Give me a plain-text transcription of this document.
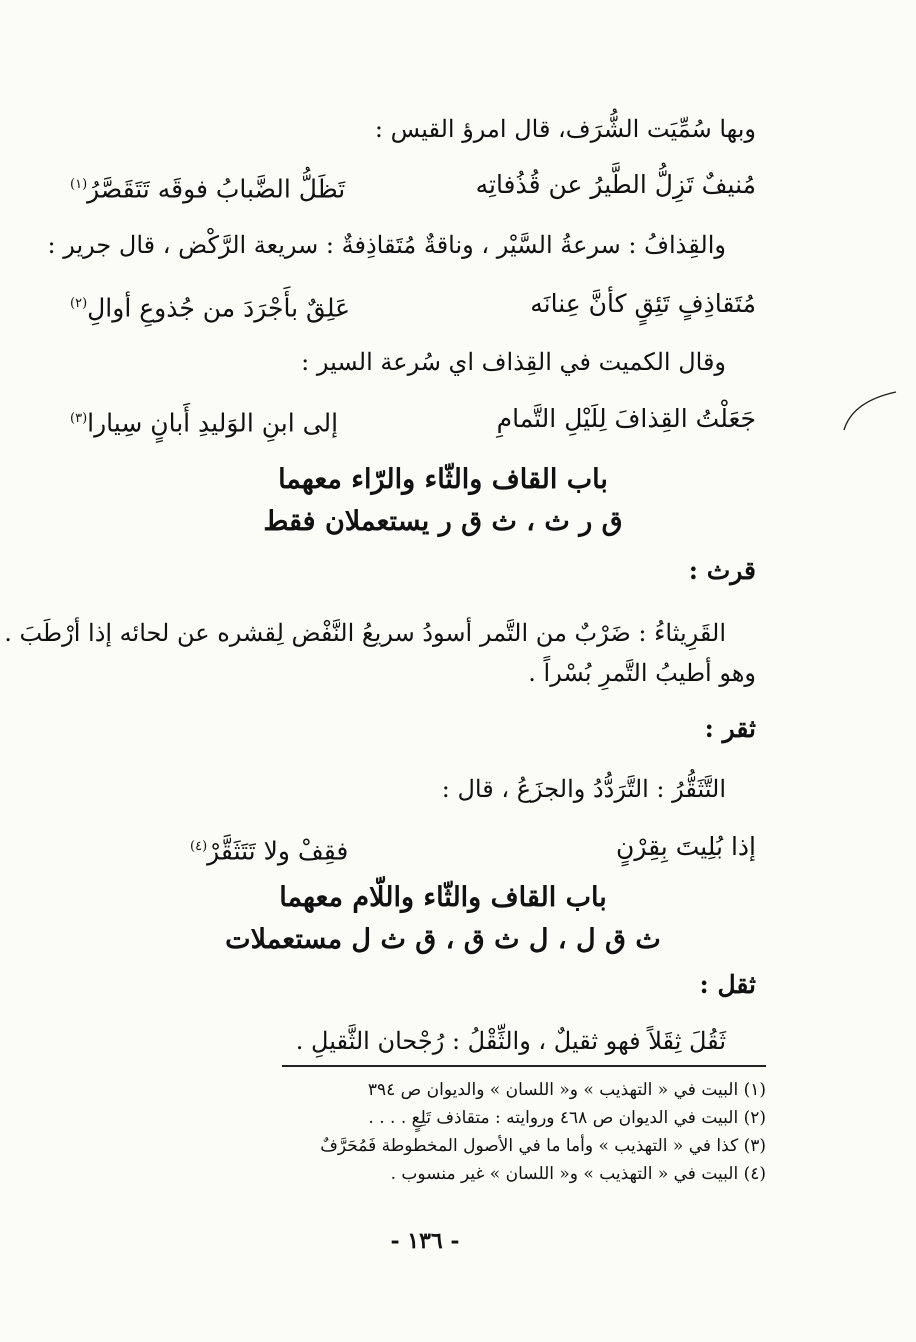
وبها سُمِّيَت الشُّرَف، قال امرؤ القيس :
مُنيفٌ تَزِلُّ الطَّيرُ عن قُذُفاتِه
تَظَلُّ الضَّبابُ فوقَه تَتَقَصَّرُ$^{(١)}$
والقِذافُ : سرعةُ السَّيْر ، وناقةٌ مُتَقاذِفةٌ : سريعة الرَّكْض ، قال جرير :
مُتَقاذِفٍ تَئِقٍ كأنَّ عِنانَه
عَلِقٌ بأَجْرَدَ من جُذوعِ أوالِ$^{(٢)}$
وقال الكميت في القِذاف اي سُرعة السير :
جَعَلْتُ القِذافَ لِلَيْلِ التَّمامِ
إلى ابنِ الوَليدِ أَبانٍ سِيارا$^{(٣)}$
باب القاف والثّاء والرّاء معهما
ق ر ث ، ث ق ر يستعملان فقط
قرث :
القَرِيثاءُ : ضَرْبٌ من التَّمر أسودُ سريعُ النَّفْض لِقشره عن لحائه إذا أرْطَبَ .
وهو أطيبُ التَّمرِ بُسْراً .
ثقر :
التَّثَقُّرُ : التَّرَدُّدُ والجزَعُ ، قال :
إذا بُلِيتَ بِقِرْنٍ
فقِفْ ولا تَتَثَقَّرْ$^{(٤)}$
باب القاف والثّاء واللّام معهما
ث ق ل ، ل ث ق ، ق ث ل مستعملات
ثقل :
ثَقُلَ ثِقَلاً فهو ثقيلٌ ، والثِّقْلُ : رُجْحان الثَّقيلِ .
(١) البيت في « التهذيب » و« اللسان » والديوان ص ٣٩٤
(٢) البيت في الديوان ص ٤٦٨ وروايته : متقاذف تَلِعٍ . . . .
(٣) كذا في « التهذيب » وأما ما في الأصول المخطوطة فَمُحَرَّفٌ
(٤) البيت في « التهذيب » و« اللسان » غير منسوب .
- ١٣٦ -
